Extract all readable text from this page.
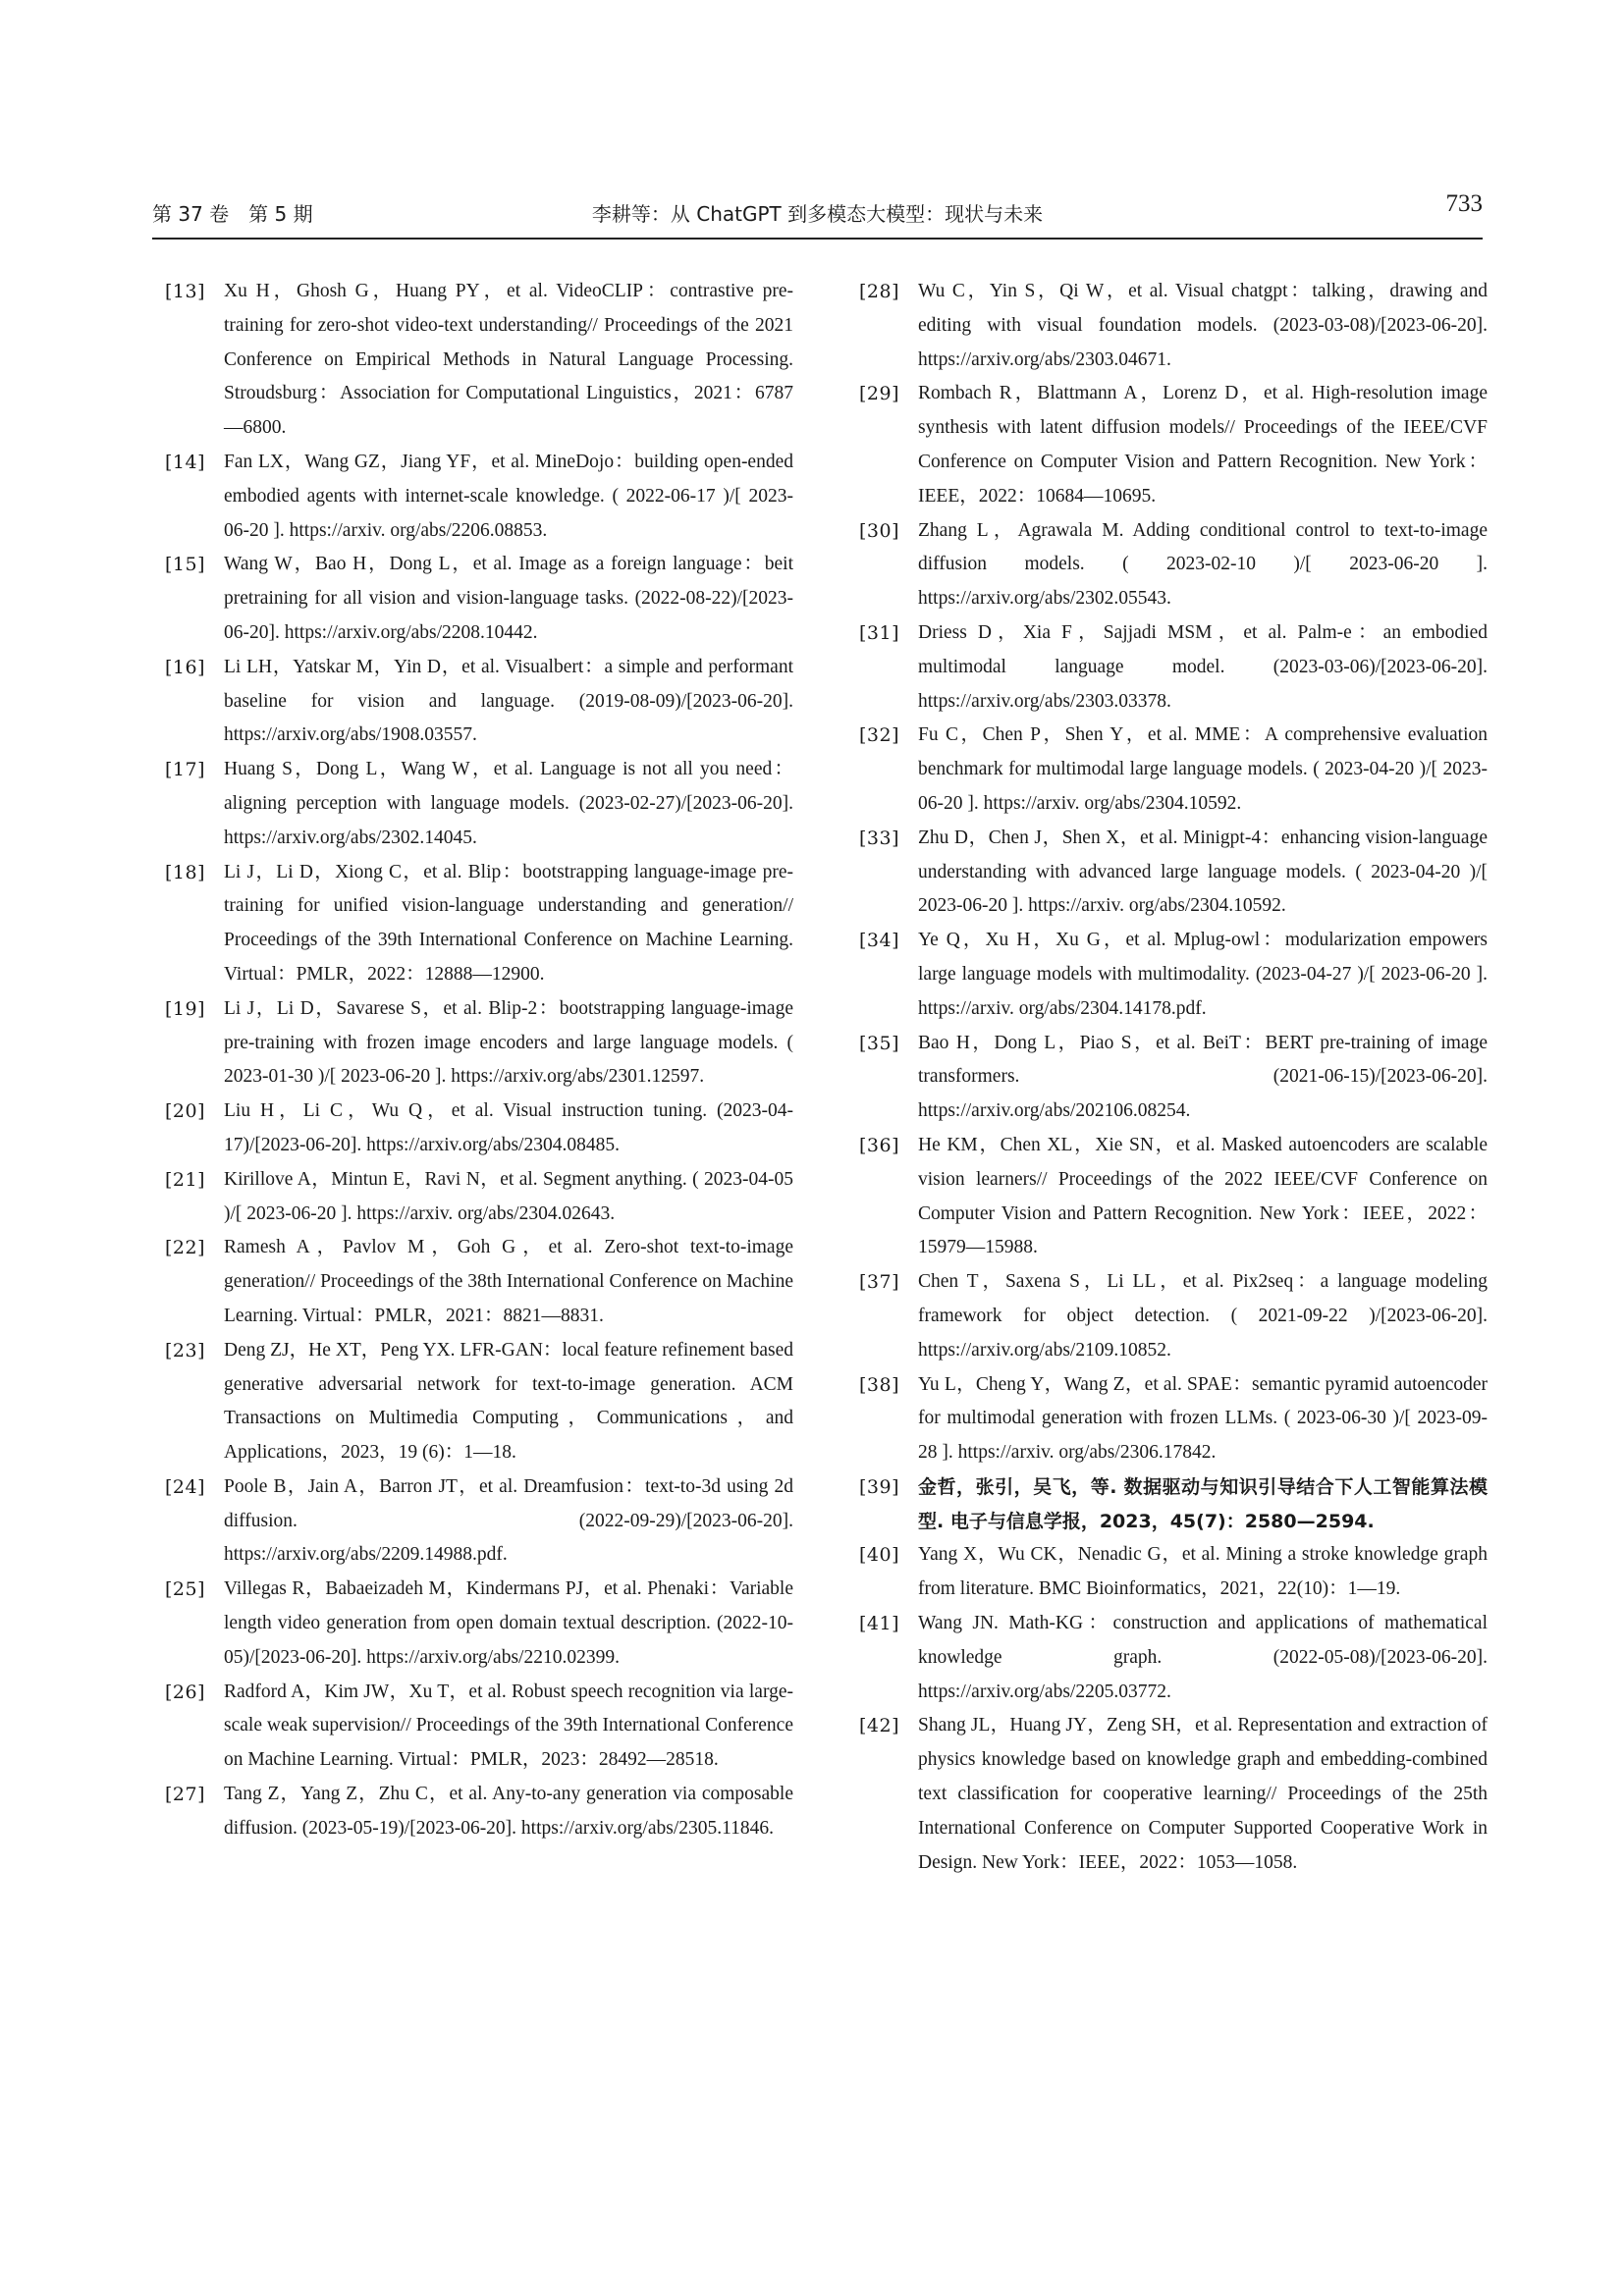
第 37 卷　第 5 期	李耕等：从 ChatGPT 到多模态大模型：现状与未来	733
[13] Xu H，Ghosh G，Huang PY，et al. VideoCLIP：contrastive pre-training for zero-shot video-text understanding// Proceedings of the 2021 Conference on Empirical Methods in Natural Language Processing. Stroudsburg：Association for Computational Linguistics，2021：6787—6800.
[14] Fan LX，Wang GZ，Jiang YF，et al. MineDojo：building open-ended embodied agents with internet-scale knowledge. ( 2022-06-17 )/[ 2023-06-20 ]. https://arxiv. org/abs/2206.08853.
[15] Wang W，Bao H，Dong L，et al. Image as a foreign language：beit pretraining for all vision and vision-language tasks. (2022-08-22)/[2023-06-20]. https://arxiv.org/abs/2208.10442.
[16] Li LH，Yatskar M，Yin D，et al. Visualbert：a simple and performant baseline for vision and language. (2019-08-09)/[2023-06-20]. https://arxiv.org/abs/1908.03557.
[17] Huang S，Dong L，Wang W，et al. Language is not all you need：aligning perception with language models. (2023-02-27)/[2023-06-20]. https://arxiv.org/abs/2302.14045.
[18] Li J，Li D，Xiong C，et al. Blip：bootstrapping language-image pre-training for unified vision-language understanding and generation// Proceedings of the 39th International Conference on Machine Learning. Virtual：PMLR，2022：12888—12900.
[19] Li J，Li D，Savarese S，et al. Blip-2：bootstrapping language-image pre-training with frozen image encoders and large language models. ( 2023-01-30 )/[ 2023-06-20 ]. https://arxiv.org/abs/2301.12597.
[20] Liu H，Li C，Wu Q，et al. Visual instruction tuning. (2023-04-17)/[2023-06-20]. https://arxiv.org/abs/2304.08485.
[21] Kirillove A，Mintun E，Ravi N，et al. Segment anything. ( 2023-04-05 )/[ 2023-06-20 ]. https://arxiv. org/abs/2304.02643.
[22] Ramesh A，Pavlov M，Goh G，et al. Zero-shot text-to-image generation// Proceedings of the 38th International Conference on Machine Learning. Virtual：PMLR，2021：8821—8831.
[23] Deng ZJ，He XT，Peng YX. LFR-GAN：local feature refinement based generative adversarial network for text-to-image generation. ACM Transactions on Multimedia Computing，Communications，and Applications，2023，19 (6)：1—18.
[24] Poole B，Jain A，Barron JT，et al. Dreamfusion：text-to-3d using 2d diffusion. (2022-09-29)/[2023-06-20]. https://arxiv.org/abs/2209.14988.pdf.
[25] Villegas R，Babaeizadeh M，Kindermans PJ，et al. Phenaki：Variable length video generation from open domain textual description. (2022-10-05)/[2023-06-20]. https://arxiv.org/abs/2210.02399.
[26] Radford A，Kim JW，Xu T，et al. Robust speech recognition via large-scale weak supervision// Proceedings of the 39th International Conference on Machine Learning. Virtual：PMLR，2023：28492—28518.
[27] Tang Z，Yang Z，Zhu C，et al. Any-to-any generation via composable diffusion. (2023-05-19)/[2023-06-20]. https://arxiv.org/abs/2305.11846.
[28] Wu C，Yin S，Qi W，et al. Visual chatgpt：talking，drawing and editing with visual foundation models. (2023-03-08)/[2023-06-20]. https://arxiv.org/abs/2303.04671.
[29] Rombach R，Blattmann A，Lorenz D，et al. High-resolution image synthesis with latent diffusion models// Proceedings of the IEEE/CVF Conference on Computer Vision and Pattern Recognition. New York：IEEE，2022：10684—10695.
[30] Zhang L，Agrawala M. Adding conditional control to text-to-image diffusion models. ( 2023-02-10 )/[ 2023-06-20 ]. https://arxiv.org/abs/2302.05543.
[31] Driess D，Xia F，Sajjadi MSM，et al. Palm-e：an embodied multimodal language model. (2023-03-06)/[2023-06-20]. https://arxiv.org/abs/2303.03378.
[32] Fu C，Chen P，Shen Y，et al. MME：A comprehensive evaluation benchmark for multimodal large language models. ( 2023-04-20 )/[ 2023-06-20 ]. https://arxiv. org/abs/2304.10592.
[33] Zhu D，Chen J，Shen X，et al. Minigpt-4：enhancing vision-language understanding with advanced large language models. ( 2023-04-20 )/[ 2023-06-20 ]. https://arxiv. org/abs/2304.10592.
[34] Ye Q，Xu H，Xu G，et al. Mplug-owl：modularization empowers large language models with multimodality. (2023-04-27 )/[ 2023-06-20 ]. https://arxiv. org/abs/2304.14178.pdf.
[35] Bao H，Dong L，Piao S，et al. BeiT：BERT pre-training of image transformers. (2021-06-15)/[2023-06-20]. https://arxiv.org/abs/202106.08254.
[36] He KM，Chen XL，Xie SN，et al. Masked autoencoders are scalable vision learners// Proceedings of the 2022 IEEE/CVF Conference on Computer Vision and Pattern Recognition. New York：IEEE，2022：15979—15988.
[37] Chen T，Saxena S，Li LL，et al. Pix2seq：a language modeling framework for object detection. ( 2021-09-22 )/[2023-06-20]. https://arxiv.org/abs/2109.10852.
[38] Yu L，Cheng Y，Wang Z，et al. SPAE：semantic pyramid autoencoder for multimodal generation with frozen LLMs. ( 2023-06-30 )/[ 2023-09-28 ]. https://arxiv. org/abs/2306.17842.
[39] 金哲，张引，吴飞，等. 数据驱动与知识引导结合下人工智能算法模型. 电子与信息学报，2023，45(7)：2580—2594.
[40] Yang X，Wu CK，Nenadic G，et al. Mining a stroke knowledge graph from literature. BMC Bioinformatics，2021，22(10)：1—19.
[41] Wang JN. Math-KG：construction and applications of mathematical knowledge graph. (2022-05-08)/[2023-06-20]. https://arxiv.org/abs/2205.03772.
[42] Shang JL，Huang JY，Zeng SH，et al. Representation and extraction of physics knowledge based on knowledge graph and embedding-combined text classification for cooperative learning// Proceedings of the 25th International Conference on Computer Supported Cooperative Work in Design. New York：IEEE，2022：1053—1058.
